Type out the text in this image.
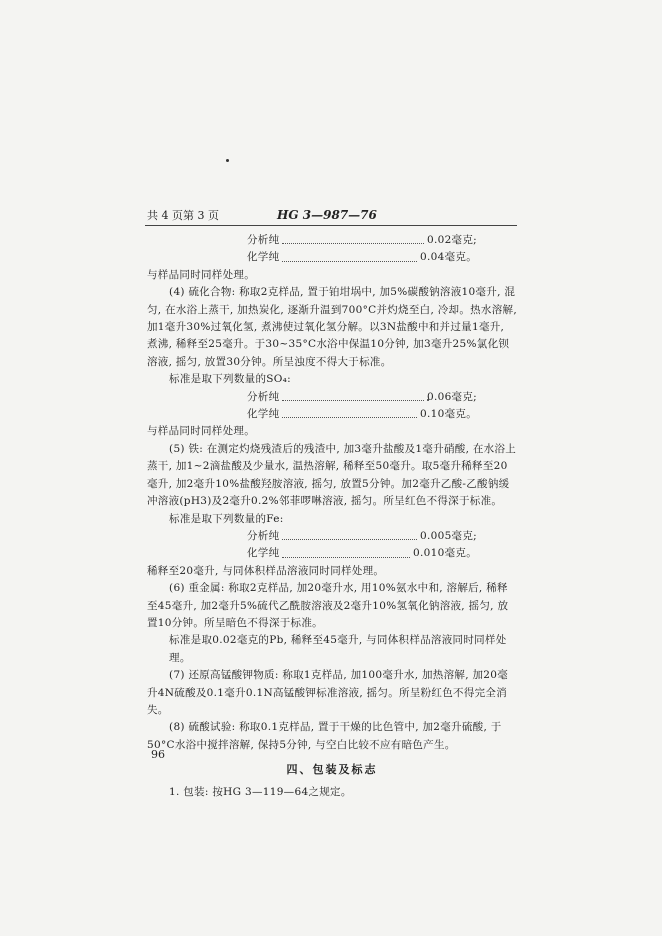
共 4 页第 3 页	HG 3—987—76
分析纯	0.02毫克;
化学纯	0.04毫克。

与样品同时同样处理。

(4) 硫化合物: 称取2克样品, 置于铂坩埚中, 加5%碳酸钠溶液10毫升, 混匀, 在水浴上蒸干, 加热炭化, 逐渐升温到700°C并灼烧至白, 冷却。热水溶解, 加1毫升30%过氧化氢, 煮沸使过氧化氢分解。以3N盐酸中和并过量1毫升, 煮沸, 稀释至25毫升。于30~35°C水浴中保温10分钟, 加3毫升25%氯化钡溶液, 摇匀, 放置30分钟。所呈浊度不得大于标准。

标准是取下列数量的SO₄:

分析纯	0.06毫克;
化学纯	0.10毫克。

与样品同时同样处理。

(5) 铁: 在测定灼烧残渣后的残渣中, 加3毫升盐酸及1毫升硝酸, 在水浴上蒸干, 加1~2滴盐酸及少量水, 温热溶解, 稀释至50毫升。取5毫升稀释至20毫升, 加2毫升10%盐酸羟胺溶液, 摇匀, 放置5分钟。加2毫升乙酸-乙酸钠缓冲溶液(pH3)及2毫升0.2%邻菲啰啉溶液, 摇匀。所呈红色不得深于标准。

标准是取下列数量的Fe:

分析纯	0.005毫克;
化学纯	0.010毫克。

稀释至20毫升, 与同体积样品溶液同时同样处理。

(6) 重金属: 称取2克样品, 加20毫升水, 用10%氨水中和, 溶解后, 稀释至45毫升, 加2毫升5%硫代乙酰胺溶液及2毫升10%氢氧化钠溶液, 摇匀, 放置10分钟。所呈暗色不得深于标准。

标准是取0.02毫克的Pb, 稀释至45毫升, 与同体积样品溶液同时同样处理。

(7) 还原高锰酸钾物质: 称取1克样品, 加100毫升水, 加热溶解, 加20毫升4N硫酸及0.1毫升0.1N高锰酸钾标准溶液, 摇匀。所呈粉红色不得完全消失。

(8) 硫酸试验: 称取0.1克样品, 置于干燥的比色管中, 加2毫升硫酸, 于50°C水浴中搅拌溶解, 保持5分钟, 与空白比较不应有暗色产生。

四、包装及标志

1. 包装: 按HG 3—119—64之规定。

96
